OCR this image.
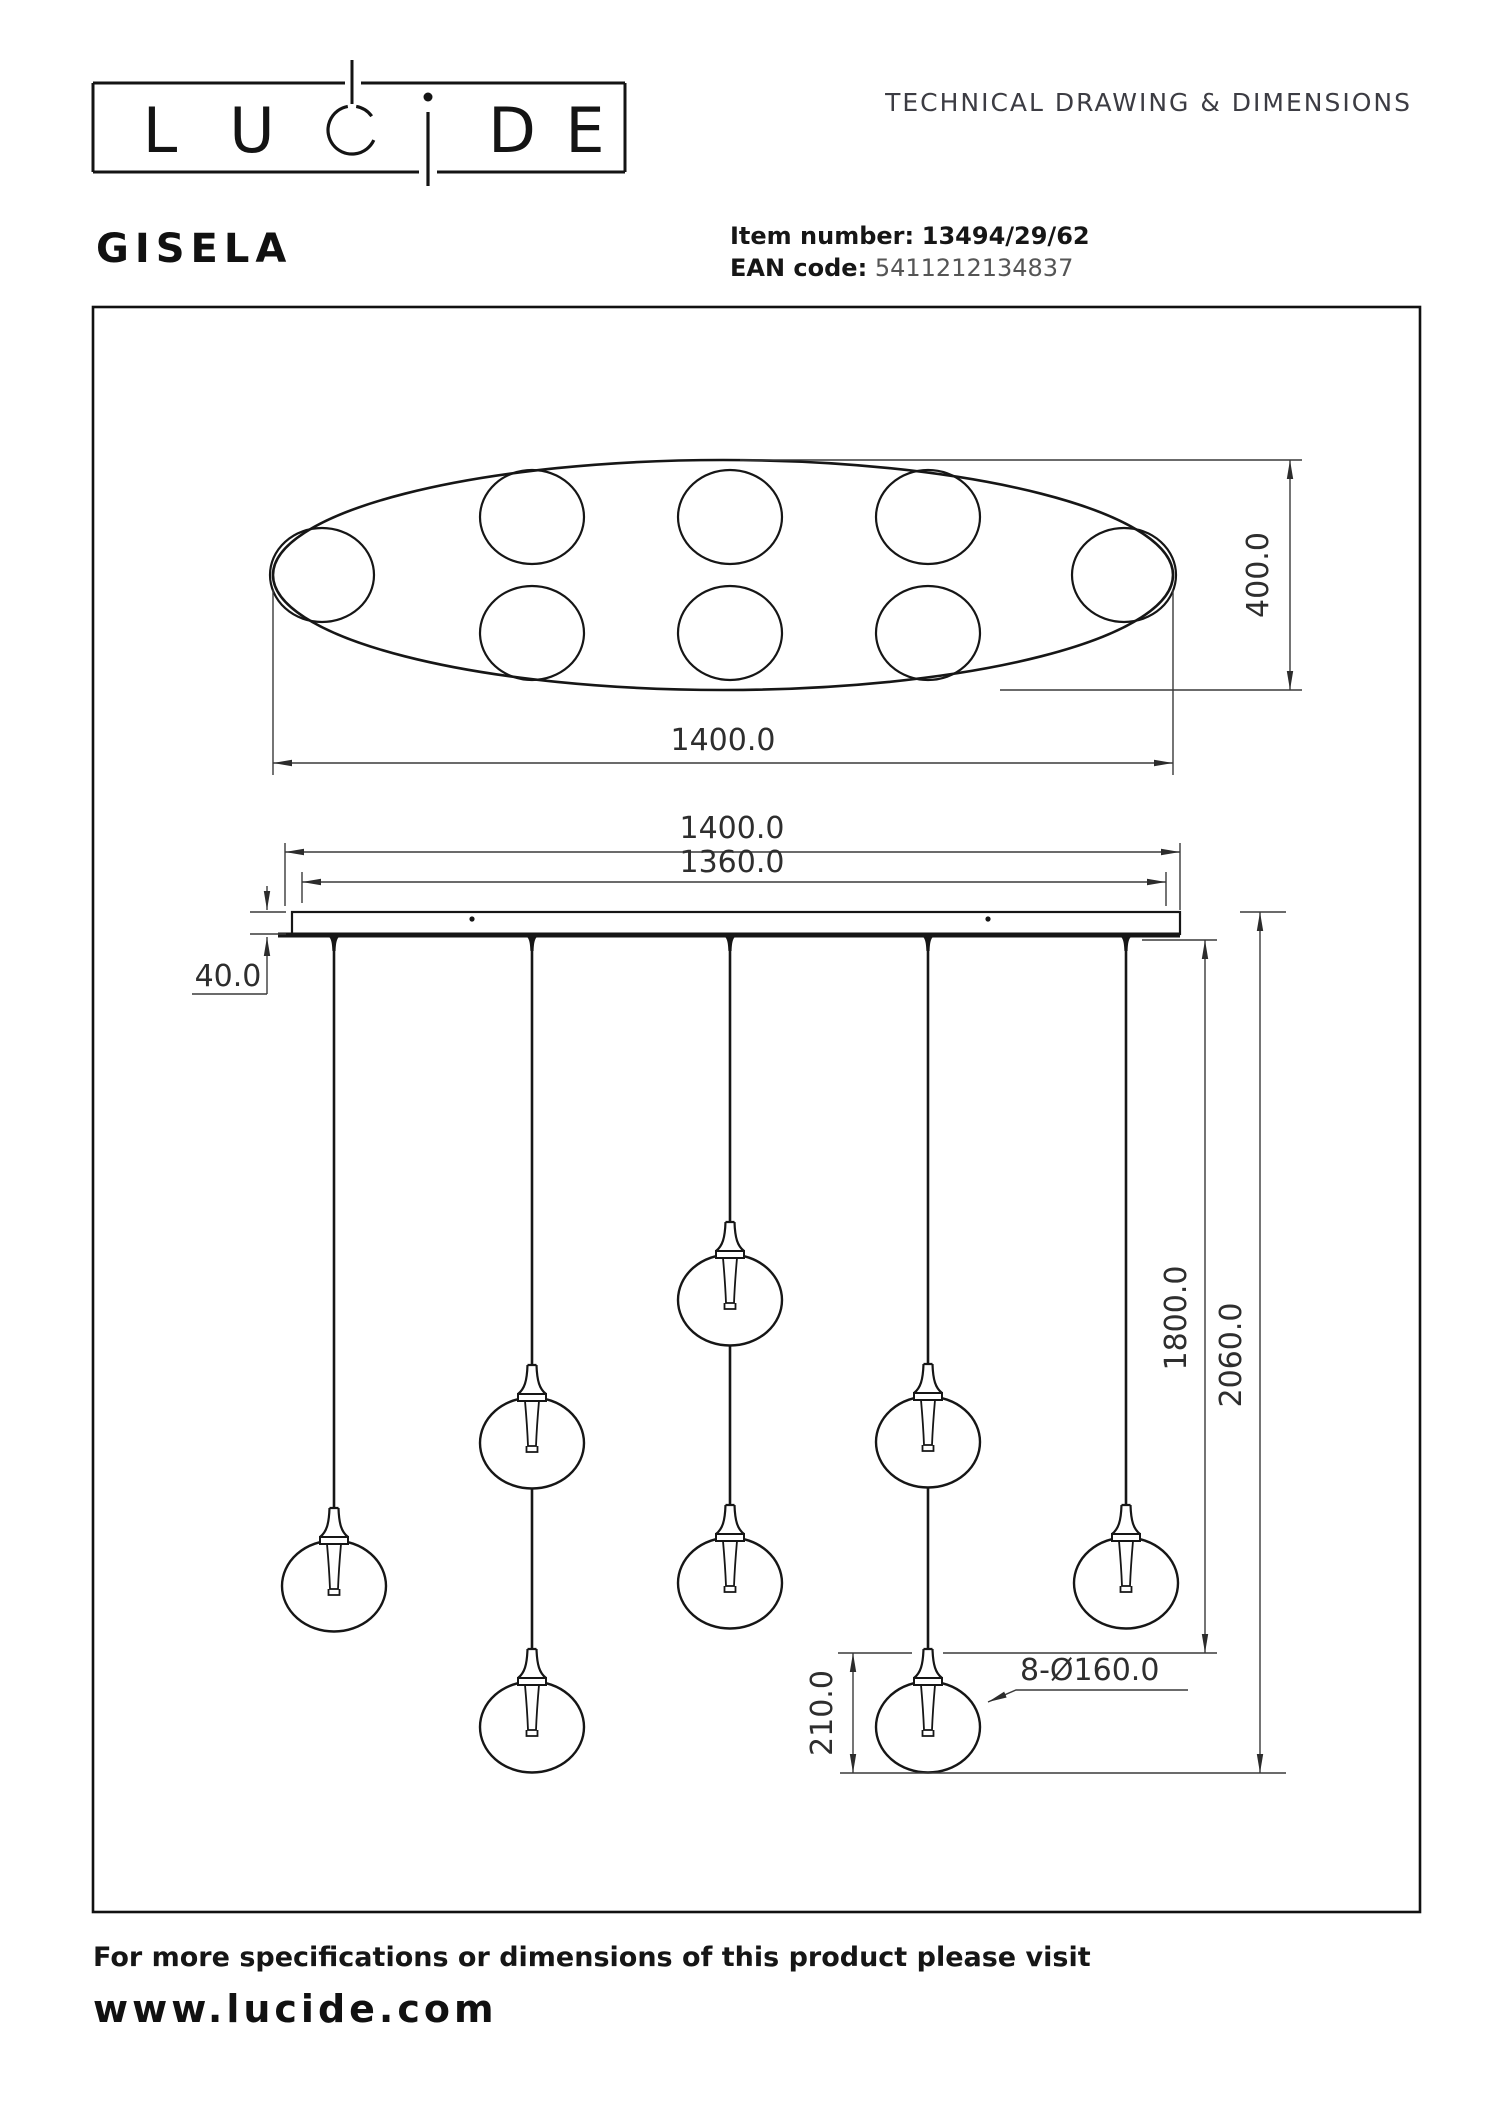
TECHNICAL DRAWING & DIMENSIONS
GISELA	Item number: 13494/29/62
EAN code: 5411212134837
L U	D E
1400.0
400.0
1400.0
1360.0
40.0
1800.0 2060.0
210.0	8-Ø160.0

For more specifications or dimensions of this product please visit

www.lucide.com
